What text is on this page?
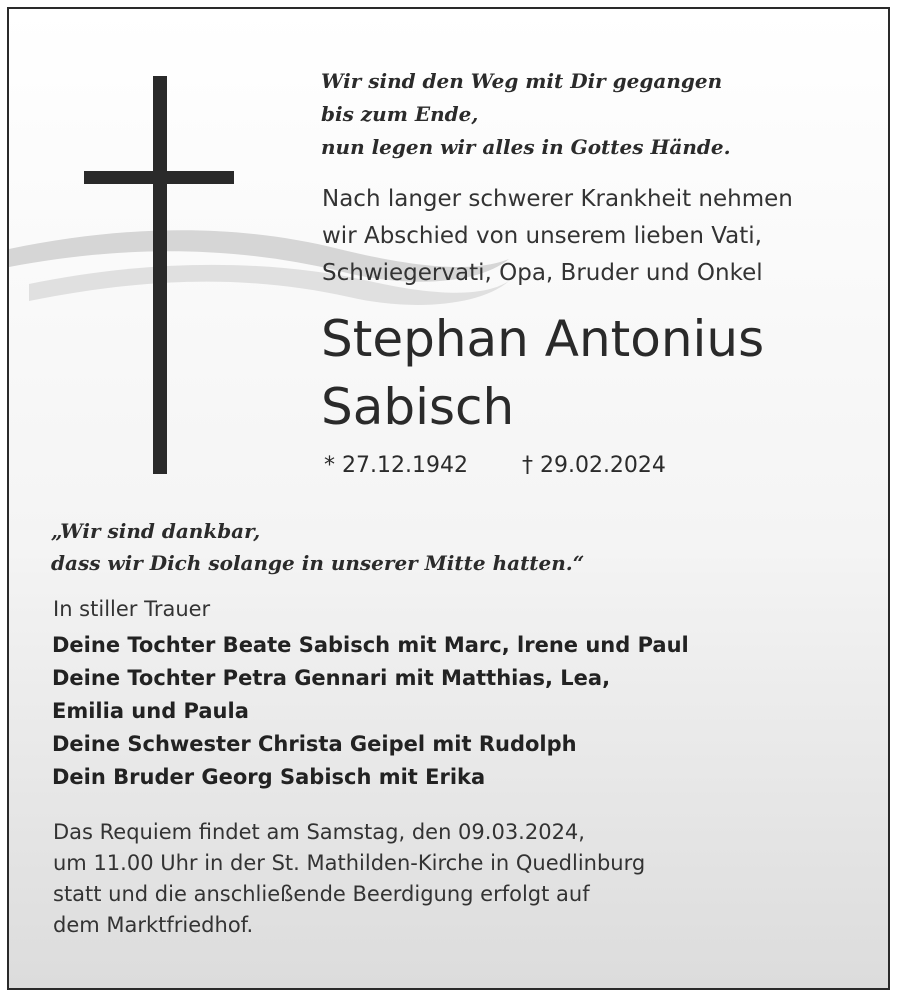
Wir sind den Weg mit Dir gegangen
bis zum Ende,
nun legen wir alles in Gottes Hände.
Nach langer schwerer Krankheit nehmen
wir Abschied von unserem lieben Vati,
Schwiegervati, Opa, Bruder und Onkel
Stephan Antonius
Sabisch
* 27.12.1942 † 29.02.2024
„Wir sind dankbar,
dass wir Dich solange in unserer Mitte hatten.“
In stiller Trauer
Deine Tochter Beate Sabisch mit Marc, lrene und Paul
Deine Tochter Petra Gennari mit Matthias, Lea,
Emilia und Paula
Deine Schwester Christa Geipel mit Rudolph
Dein Bruder Georg Sabisch mit Erika
Das Requiem findet am Samstag, den 09.03.2024,
um 11.00 Uhr in der St. Mathilden-Kirche in Quedlinburg
statt und die anschließende Beerdigung erfolgt auf
dem Marktfriedhof.
